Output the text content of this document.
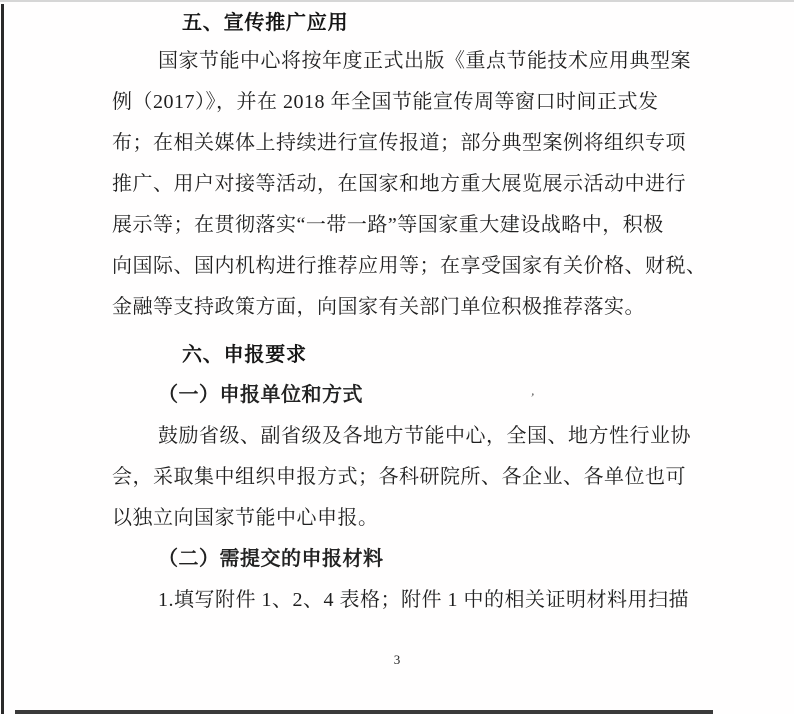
五、宣传推广应用
国家节能中心将按年度正式出版《重点节能技术应用典型案
例（2017）》，并在 2018 年全国节能宣传周等窗口时间正式发
布；在相关媒体上持续进行宣传报道；部分典型案例将组织专项
推广、用户对接等活动，在国家和地方重大展览展示活动中进行
展示等；在贯彻落实“一带一路”等国家重大建设战略中，积极
向国际、国内机构进行推荐应用等；在享受国家有关价格、财税、
金融等支持政策方面，向国家有关部门单位积极推荐落实。
六、申报要求
（一）申报单位和方式	ʼ
鼓励省级、副省级及各地方节能中心，全国、地方性行业协
会，采取集中组织申报方式；各科研院所、各企业、各单位也可
以独立向国家节能中心申报。
（二）需提交的申报材料
1.填写附件 1、2、4 表格；附件 1 中的相关证明材料用扫描
3
